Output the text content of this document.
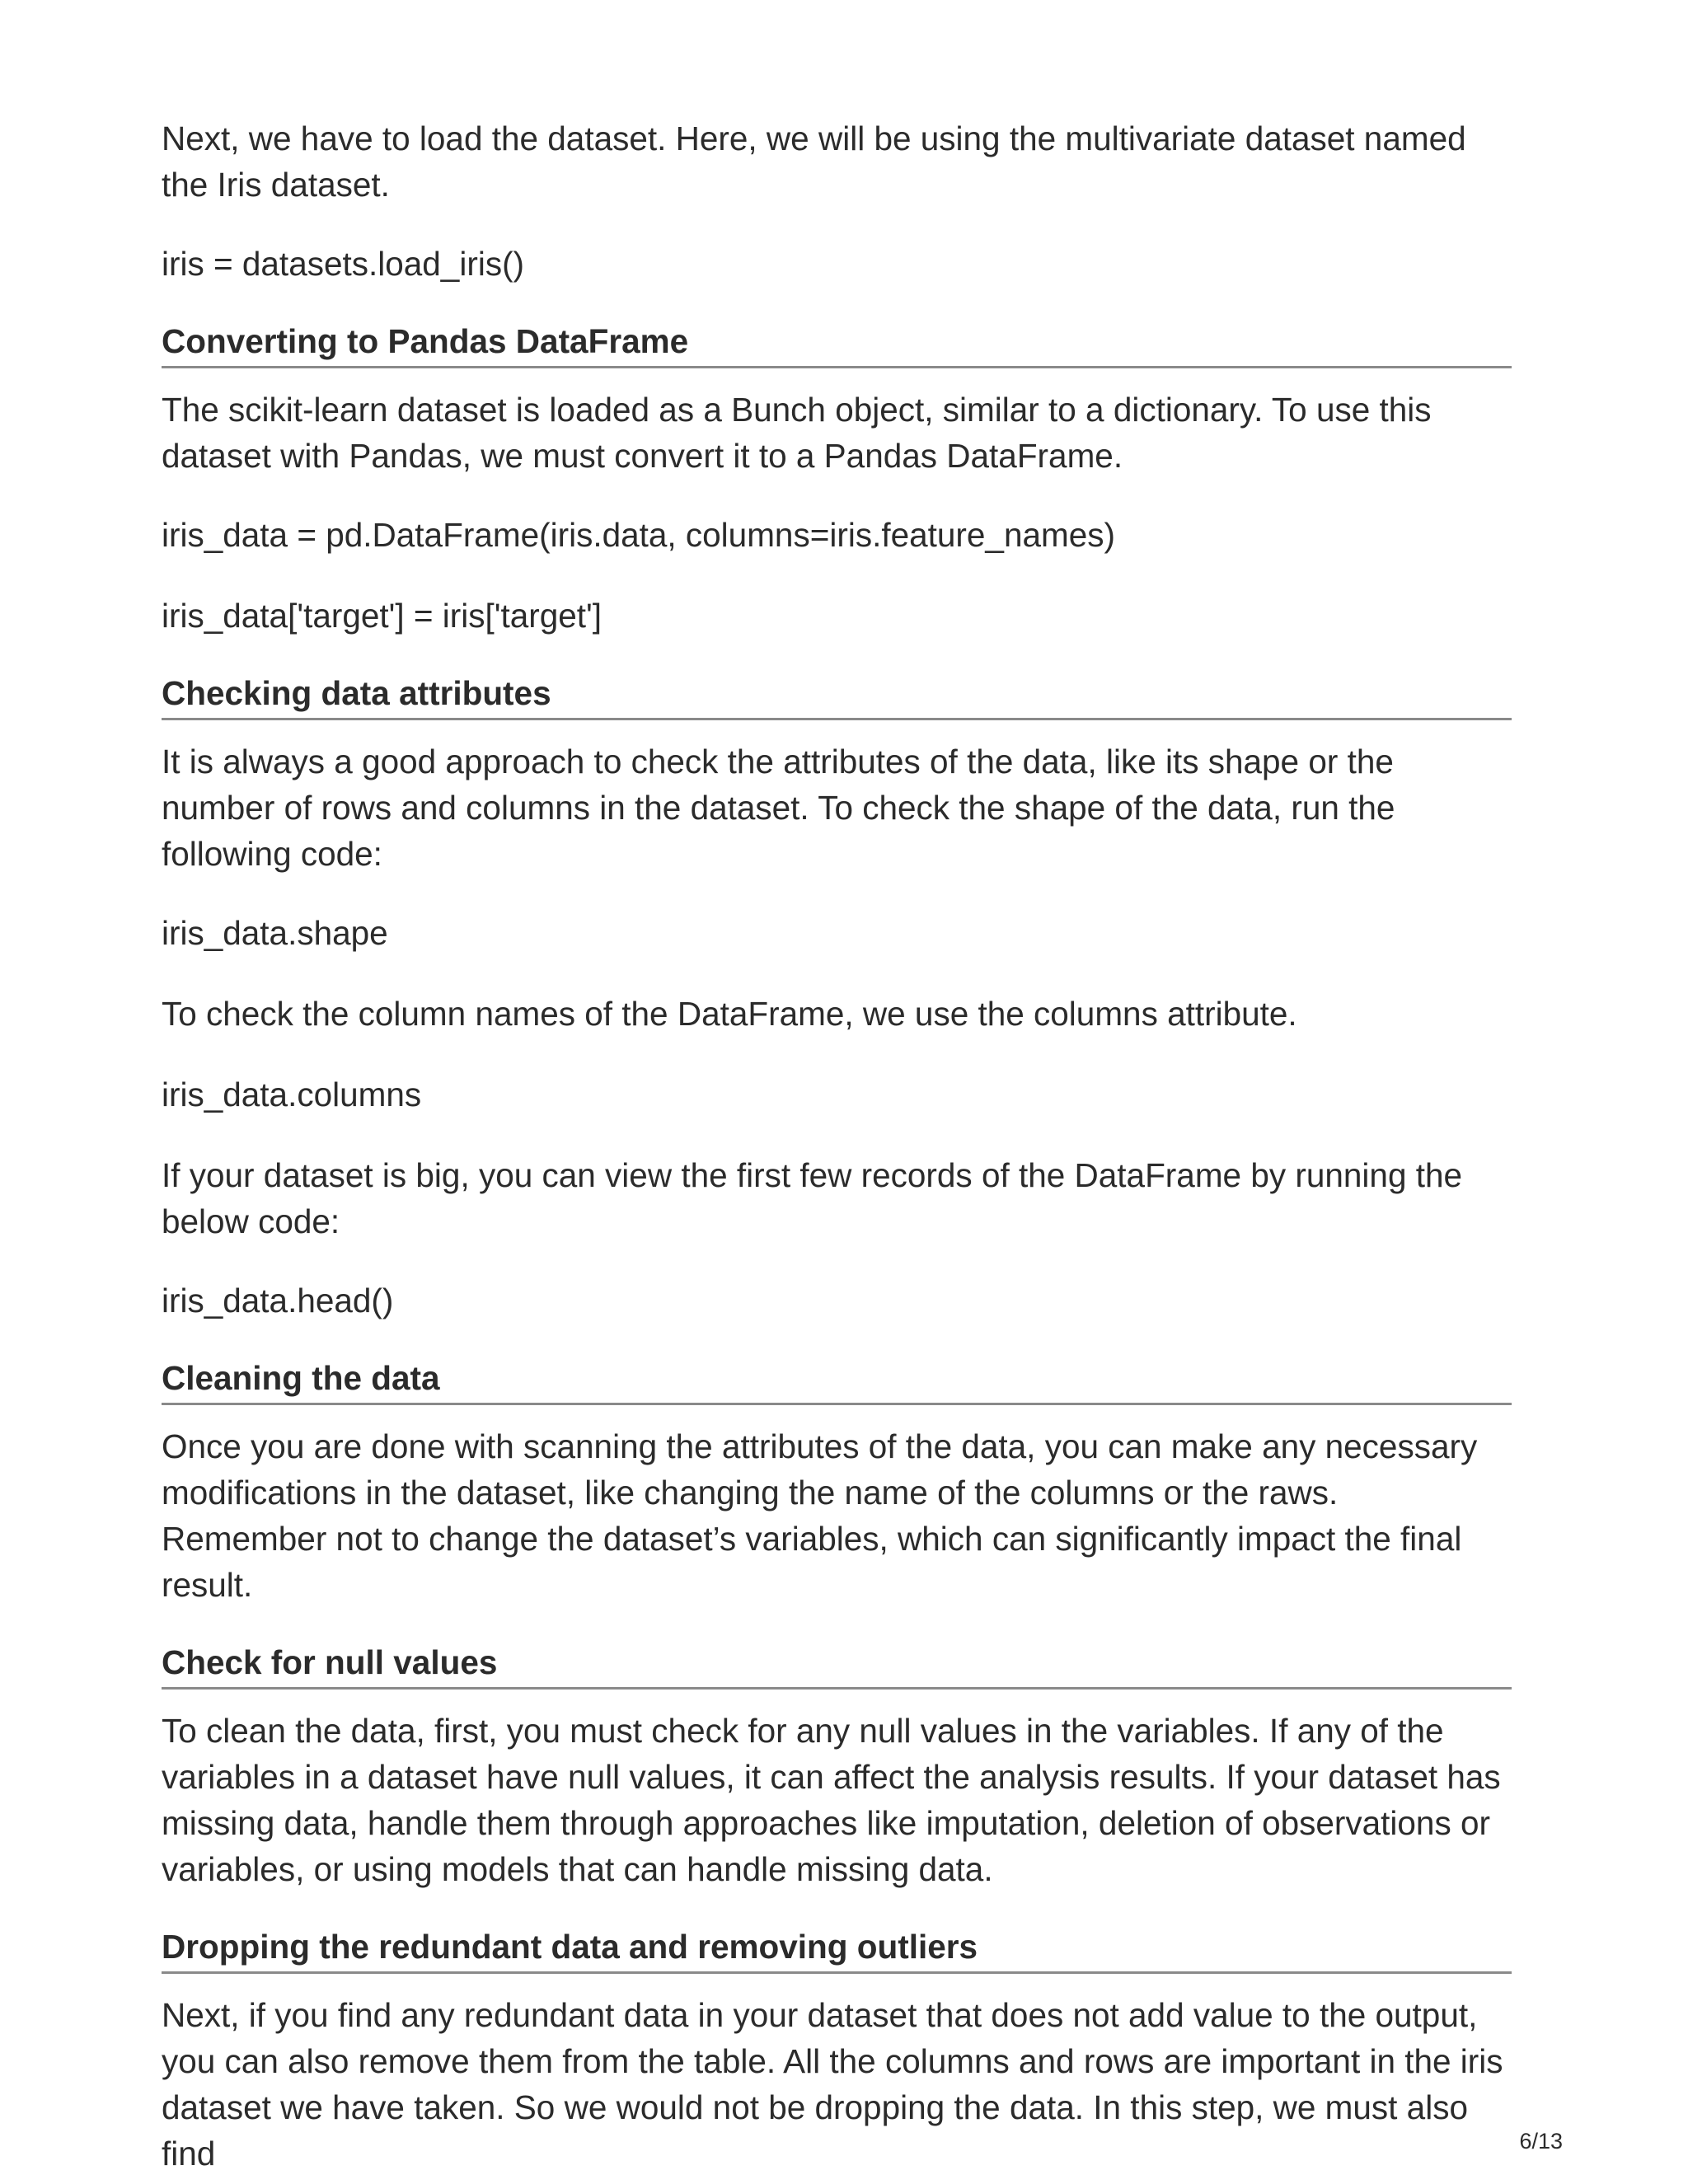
Next, we have to load the dataset. Here, we will be using the multivariate dataset named the Iris dataset.

iris = datasets.load_iris()

Converting to Pandas DataFrame

The scikit-learn dataset is loaded as a Bunch object, similar to a dictionary. To use this dataset with Pandas, we must convert it to a Pandas DataFrame.

iris_data = pd.DataFrame(iris.data, columns=iris.feature_names)

iris_data['target'] = iris['target']

Checking data attributes

It is always a good approach to check the attributes of the data, like its shape or the number of rows and columns in the dataset. To check the shape of the data, run the following code:

iris_data.shape

To check the column names of the DataFrame, we use the columns attribute.

iris_data.columns

If your dataset is big, you can view the first few records of the DataFrame by running the below code:

iris_data.head()

Cleaning the data

Once you are done with scanning the attributes of the data, you can make any necessary modifications in the dataset, like changing the name of the columns or the raws. Remember not to change the dataset’s variables, which can significantly impact the final result.

Check for null values

To clean the data, first, you must check for any null values in the variables. If any of the variables in a dataset have null values, it can affect the analysis results. If your dataset has missing data, handle them through approaches like imputation, deletion of observations or variables, or using models that can handle missing data.

Dropping the redundant data and removing outliers

Next, if you find any redundant data in your dataset that does not add value to the output, you can also remove them from the table. All the columns and rows are important in the iris dataset we have taken. So we would not be dropping the data. In this step, we must also find	6/13
